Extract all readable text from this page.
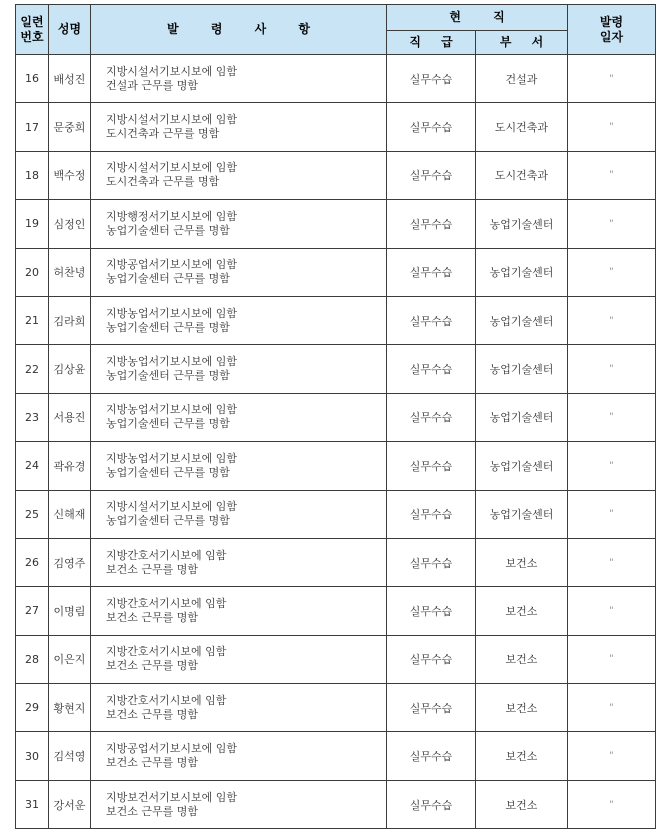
일련
번호	성명	발 령 사 항	현 직		발령
일자

			직 급	부 서	
16	배성진	지방시설서기보시보에 임함
건설과 근무를 명함	실무수습	건설과	"
17	문중희	지방시설서기보시보에 임함
도시건축과 근무를 명함	실무수습	도시건축과	"
18	백수정	지방시설서기보시보에 임함
도시건축과 근무를 명함	실무수습	도시건축과	"
19	심정인	지방행정서기보시보에 임함
농업기술센터 근무를 명함	실무수습	농업기술센터	"
20	허찬녕	지방공업서기보시보에 임함
농업기술센터 근무를 명함	실무수습	농업기술센터	"
21	김라희	지방농업서기보시보에 임함
농업기술센터 근무를 명함	실무수습	농업기술센터	"
22	김상윤	지방농업서기보시보에 임함
농업기술센터 근무를 명함	실무수습	농업기술센터	"
23	서용진	지방농업서기보시보에 임함
농업기술센터 근무를 명함	실무수습	농업기술센터	"
24	곽유경	지방농업서기보시보에 임함
농업기술센터 근무를 명함	실무수습	농업기술센터	"
25	신해재	지방시설서기보시보에 임함
농업기술센터 근무를 명함	실무수습	농업기술센터	"
26	김영주	지방간호서기시보에 임함
보건소 근무를 명함	실무수습	보건소	"
27	이명림	지방간호서기시보에 임함
보건소 근무를 명함	실무수습	보건소	"
28	이은지	지방간호서기시보에 임함
보건소 근무를 명함	실무수습	보건소	"
29	황현지	지방간호서기시보에 임함
보건소 근무를 명함	실무수습	보건소	"
30	김석영	지방공업서기보시보에 임함
보건소 근무를 명함	실무수습	보건소	"
31	강서운	지방보건서기보시보에 임함
보건소 근무를 명함	실무수습	보건소	"
